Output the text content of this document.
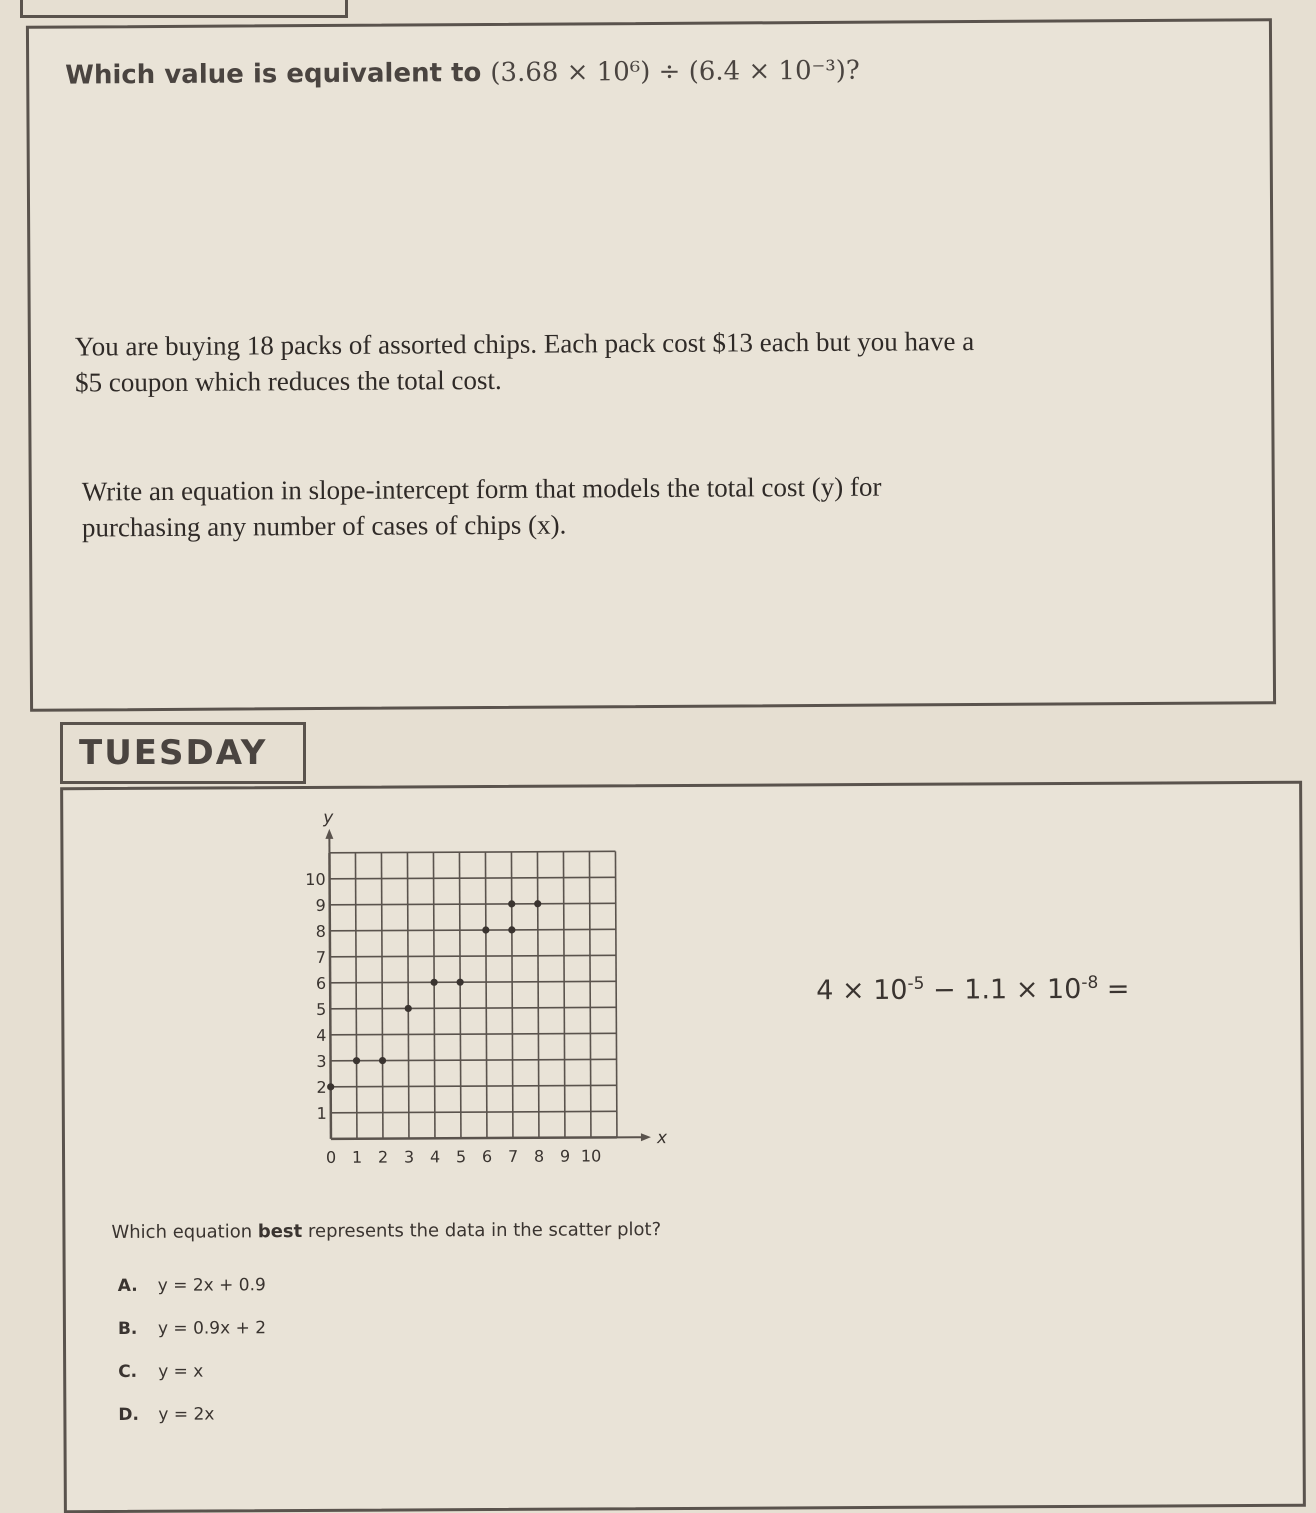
Which value is equivalent to (3.68 × 10⁶) ÷ (6.4 × 10⁻³)?
You are buying 18 packs of assorted chips. Each pack cost $13 each but you have a $5 coupon which reduces the total cost.
Write an equation in slope-intercept form that models the total cost (y) for purchasing any number of cases of chips (x).
TUESDAY
x
y
0 1 2 3 4 5 6 7 8 9 10
1
2
3
4
5
6
7
8
9
10
$4 \times 10^{-5} - 1.1 \times 10^{-8}$ =
Which equation best represents the data in the scatter plot?
A. y = 2x + 0.9
B. y = 0.9x + 2
C. y = x
D. y = 2x
